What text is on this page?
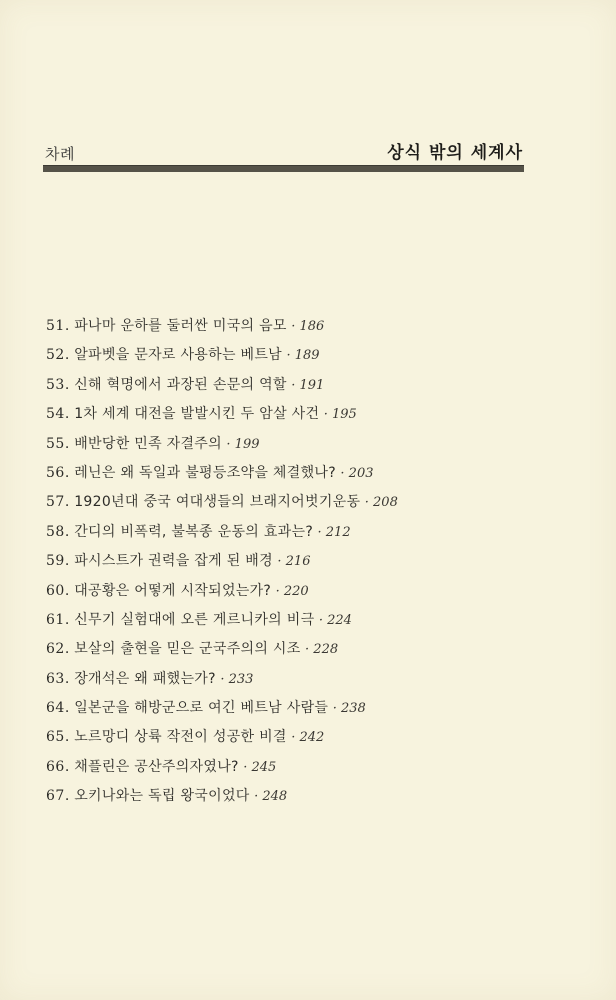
차례	상식 밖의 세계사
51. 파나마 운하를 둘러싼 미국의 음모 · 186
52. 알파벳을 문자로 사용하는 베트남 · 189
53. 신해 혁명에서 과장된 손문의 역할 · 191
54. 1차 세계 대전을 발발시킨 두 암살 사건 · 195
55. 배반당한 민족 자결주의 · 199
56. 레닌은 왜 독일과 불평등조약을 체결했나? · 203
57. 1920년대 중국 여대생들의 브래지어벗기운동 · 208
58. 간디의 비폭력, 불복종 운동의 효과는? · 212
59. 파시스트가 권력을 잡게 된 배경 · 216
60. 대공황은 어떻게 시작되었는가? · 220
61. 신무기 실험대에 오른 게르니카의 비극 · 224
62. 보살의 출현을 믿은 군국주의의 시조 · 228
63. 장개석은 왜 패했는가? · 233
64. 일본군을 해방군으로 여긴 베트남 사람들 · 238
65. 노르망디 상륙 작전이 성공한 비결 · 242
66. 채플린은 공산주의자였나? · 245
67. 오키나와는 독립 왕국이었다 · 248
